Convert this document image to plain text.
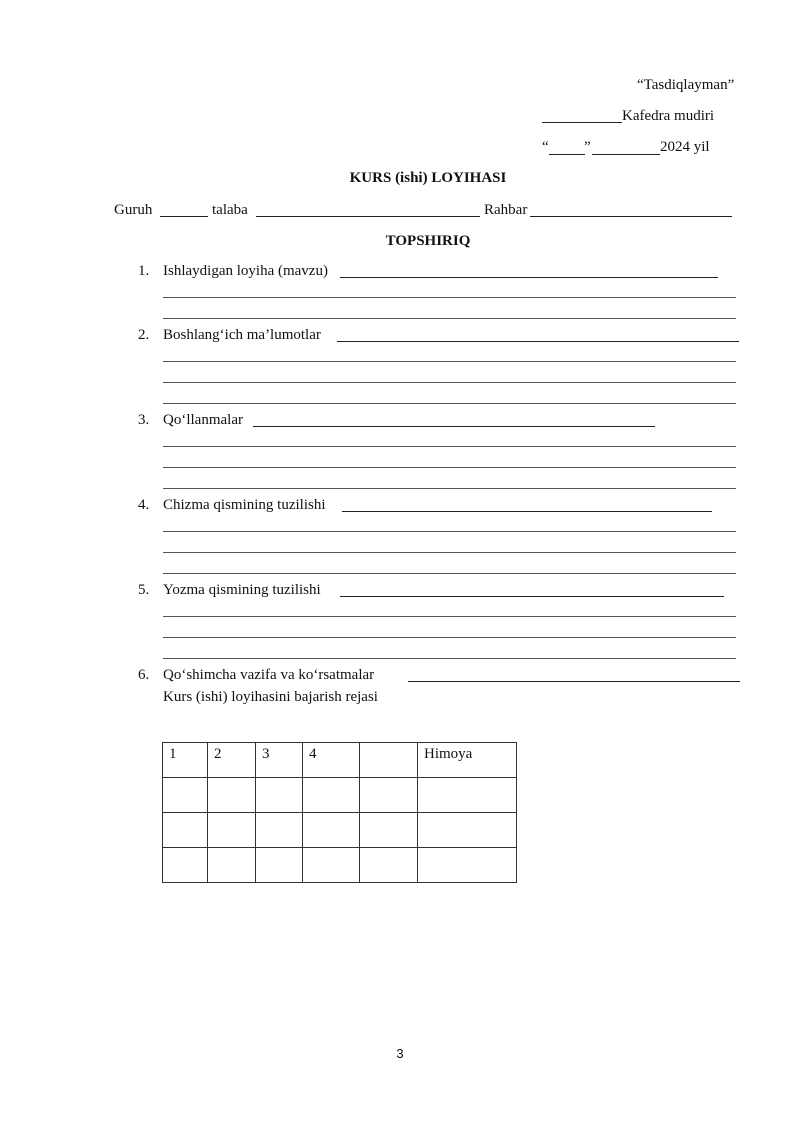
“Tasdiqlayman”
Kafedra mudiri
“ ”	2024 yil
KURS (ishi) LOYIHASI
Guruh	talaba	Rahbar
TOPSHIRIQ
1. Ishlaydigan loyiha (mavzu)
2. Boshlang‘ich ma’lumotlar
3. Qo‘llanmalar
4. Chizma qismining tuzilishi
5. Yozma qismining tuzilishi
6. Qo‘shimcha vazifa va ko‘rsatmalar
Kurs (ishi) loyihasini bajarish rejasi
1	2	3	4		Himoya

3
